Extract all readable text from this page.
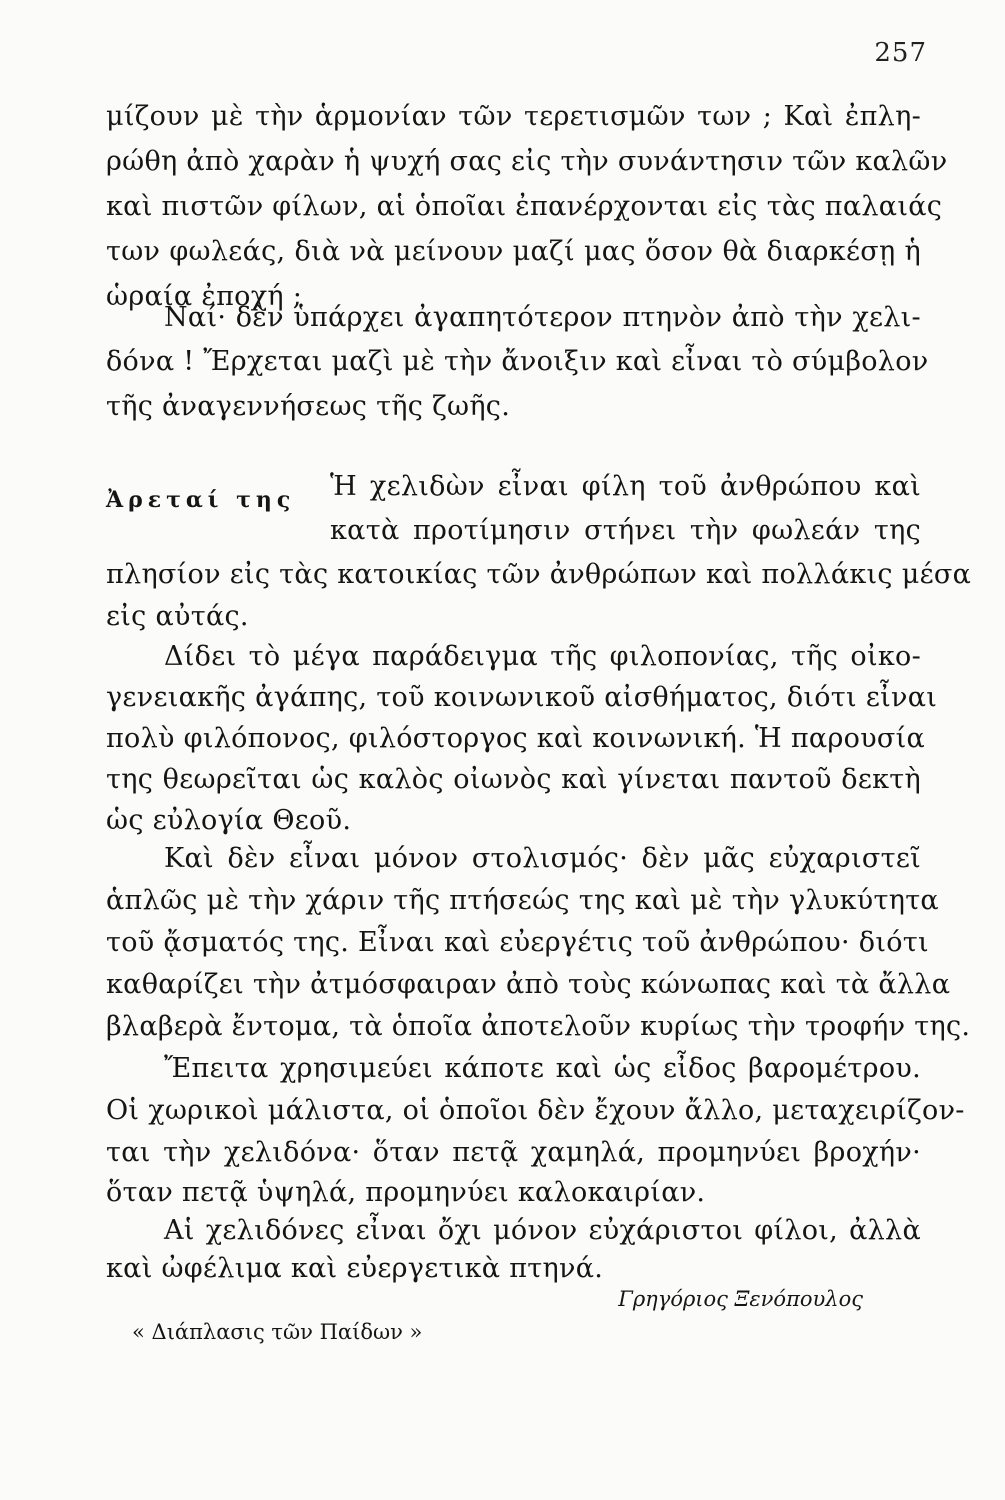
257
μίζουν μὲ τὴν ἁρμονίαν τῶν τερετισμῶν των ; Καὶ ἐπλη-
ρώθη ἀπὸ χαρὰν ἡ ψυχή σας εἰς τὴν συνάντησιν τῶν καλῶν
καὶ πιστῶν φίλων, αἱ ὁποῖαι ἐπανέρχονται εἰς τὰς παλαιάς
των φωλεάς, διὰ νὰ μείνουν μαζί μας ὅσον θὰ διαρκέσῃ ἡ
ὡραία ἐποχή ;
Ναί· δὲν ὑπάρχει ἀγαπητότερον πτηνὸν ἀπὸ τὴν χελι-
δόνα ! Ἔρχεται μαζὶ μὲ τὴν ἄνοιξιν καὶ εἶναι τὸ σύμβολον
τῆς ἀναγεννήσεως τῆς ζωῆς.
Ἀρεταί της Ἡ χελιδὼν εἶναι φίλη τοῦ ἀνθρώπου καὶ
κατὰ προτίμησιν στήνει τὴν φωλεάν της
πλησίον εἰς τὰς κατοικίας τῶν ἀνθρώπων καὶ πολλάκις μέσα
εἰς αὐτάς.
Δίδει τὸ μέγα παράδειγμα τῆς φιλοπονίας, τῆς οἰκο-
γενειακῆς ἀγάπης, τοῦ κοινωνικοῦ αἰσθήματος, διότι εἶναι
πολὺ φιλόπονος, φιλόστοργος καὶ κοινωνική. Ἡ παρουσία
της θεωρεῖται ὡς καλὸς οἰωνὸς καὶ γίνεται παντοῦ δεκτὴ
ὡς εὐλογία Θεοῦ.
Καὶ δὲν εἶναι μόνον στολισμός· δὲν μᾶς εὐχαριστεῖ
ἁπλῶς μὲ τὴν χάριν τῆς πτήσεώς της καὶ μὲ τὴν γλυκύτητα
τοῦ ᾄσματός της. Εἶναι καὶ εὐεργέτις τοῦ ἀνθρώπου· διότι
καθαρίζει τὴν ἀτμόσφαιραν ἀπὸ τοὺς κώνωπας καὶ τὰ ἄλλα
βλαβερὰ ἔντομα, τὰ ὁποῖα ἀποτελοῦν κυρίως τὴν τροφήν της.
Ἔπειτα χρησιμεύει κάποτε καὶ ὡς εἶδος βαρομέτρου.
Οἱ χωρικοὶ μάλιστα, οἱ ὁποῖοι δὲν ἔχουν ἄλλο, μεταχειρίζον-
ται τὴν χελιδόνα· ὅταν πετᾷ χαμηλά, προμηνύει βροχήν·
ὅταν πετᾷ ὑψηλά, προμηνύει καλοκαιρίαν.
Αἱ χελιδόνες εἶναι ὄχι μόνον εὐχάριστοι φίλοι, ἀλλὰ
καὶ ὠφέλιμα καὶ εὐεργετικὰ πτηνά.
Γρηγόριος Ξενόπουλος
« Διάπλασις τῶν Παίδων »
